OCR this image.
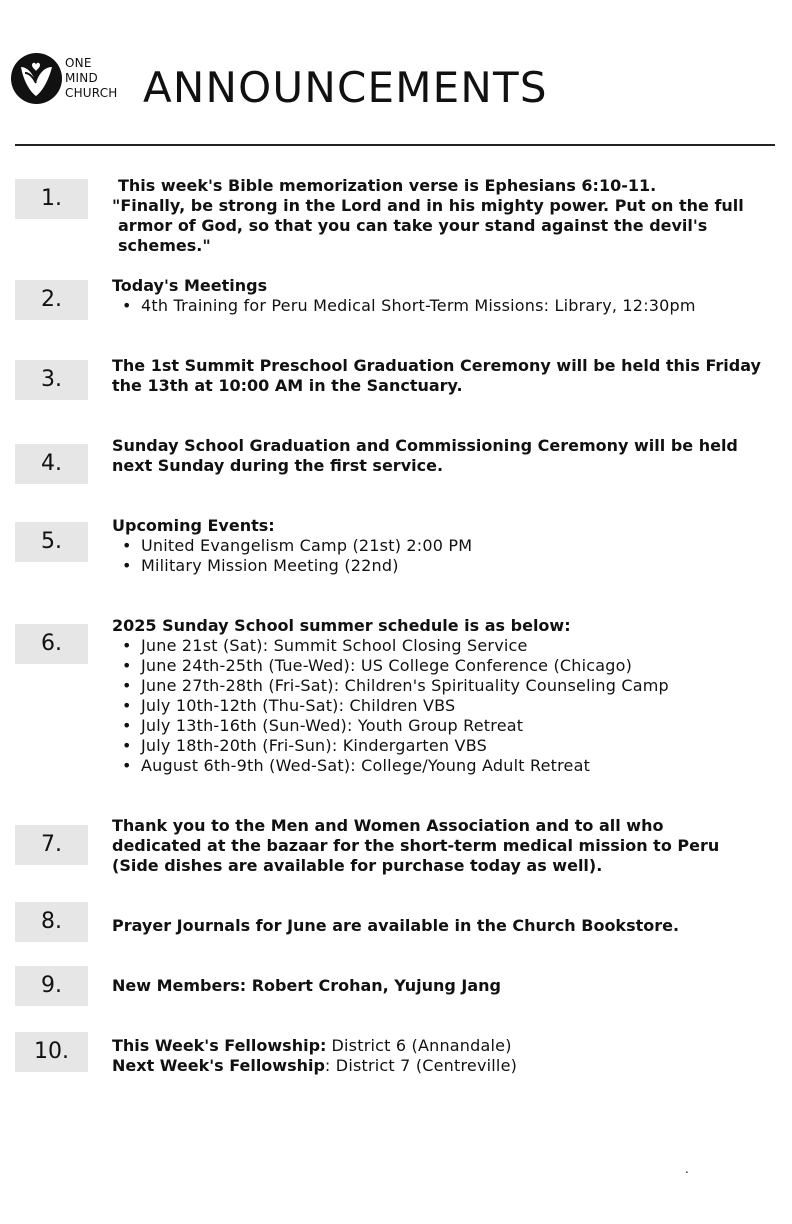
ONE
MIND
CHURCH ANNOUNCEMENTS
1.
This week's Bible memorization verse is Ephesians 6:10-11.
"Finally, be strong in the Lord and in his mighty power. Put on the full
armor of God, so that you can take your stand against the devil's
schemes."
2.
Today's Meetings
• 4th Training for Peru Medical Short-Term Missions: Library, 12:30pm
3.
The 1st Summit Preschool Graduation Ceremony will be held this Friday
the 13th at 10:00 AM in the Sanctuary.
4.
Sunday School Graduation and Commissioning Ceremony will be held
next Sunday during the first service.
5.
Upcoming Events:
• United Evangelism Camp (21st) 2:00 PM
• Military Mission Meeting (22nd)
6.
2025 Sunday School summer schedule is as below:
• June 21st (Sat): Summit School Closing Service
• June 24th-25th (Tue-Wed): US College Conference (Chicago)
• June 27th-28th (Fri-Sat): Children's Spirituality Counseling Camp
• July 10th-12th (Thu-Sat): Children VBS
• July 13th-16th (Sun-Wed): Youth Group Retreat
• July 18th-20th (Fri-Sun): Kindergarten VBS
• August 6th-9th (Wed-Sat): College/Young Adult Retreat
7.
Thank you to the Men and Women Association and to all who
dedicated at the bazaar for the short-term medical mission to Peru
(Side dishes are available for purchase today as well).
8.	Prayer Journals for June are available in the Church Bookstore.
9.	New Members: Robert Crohan, Yujung Jang
10.	This Week's Fellowship: District 6 (Annandale)
Next Week's Fellowship: District 7 (Centreville)
.
